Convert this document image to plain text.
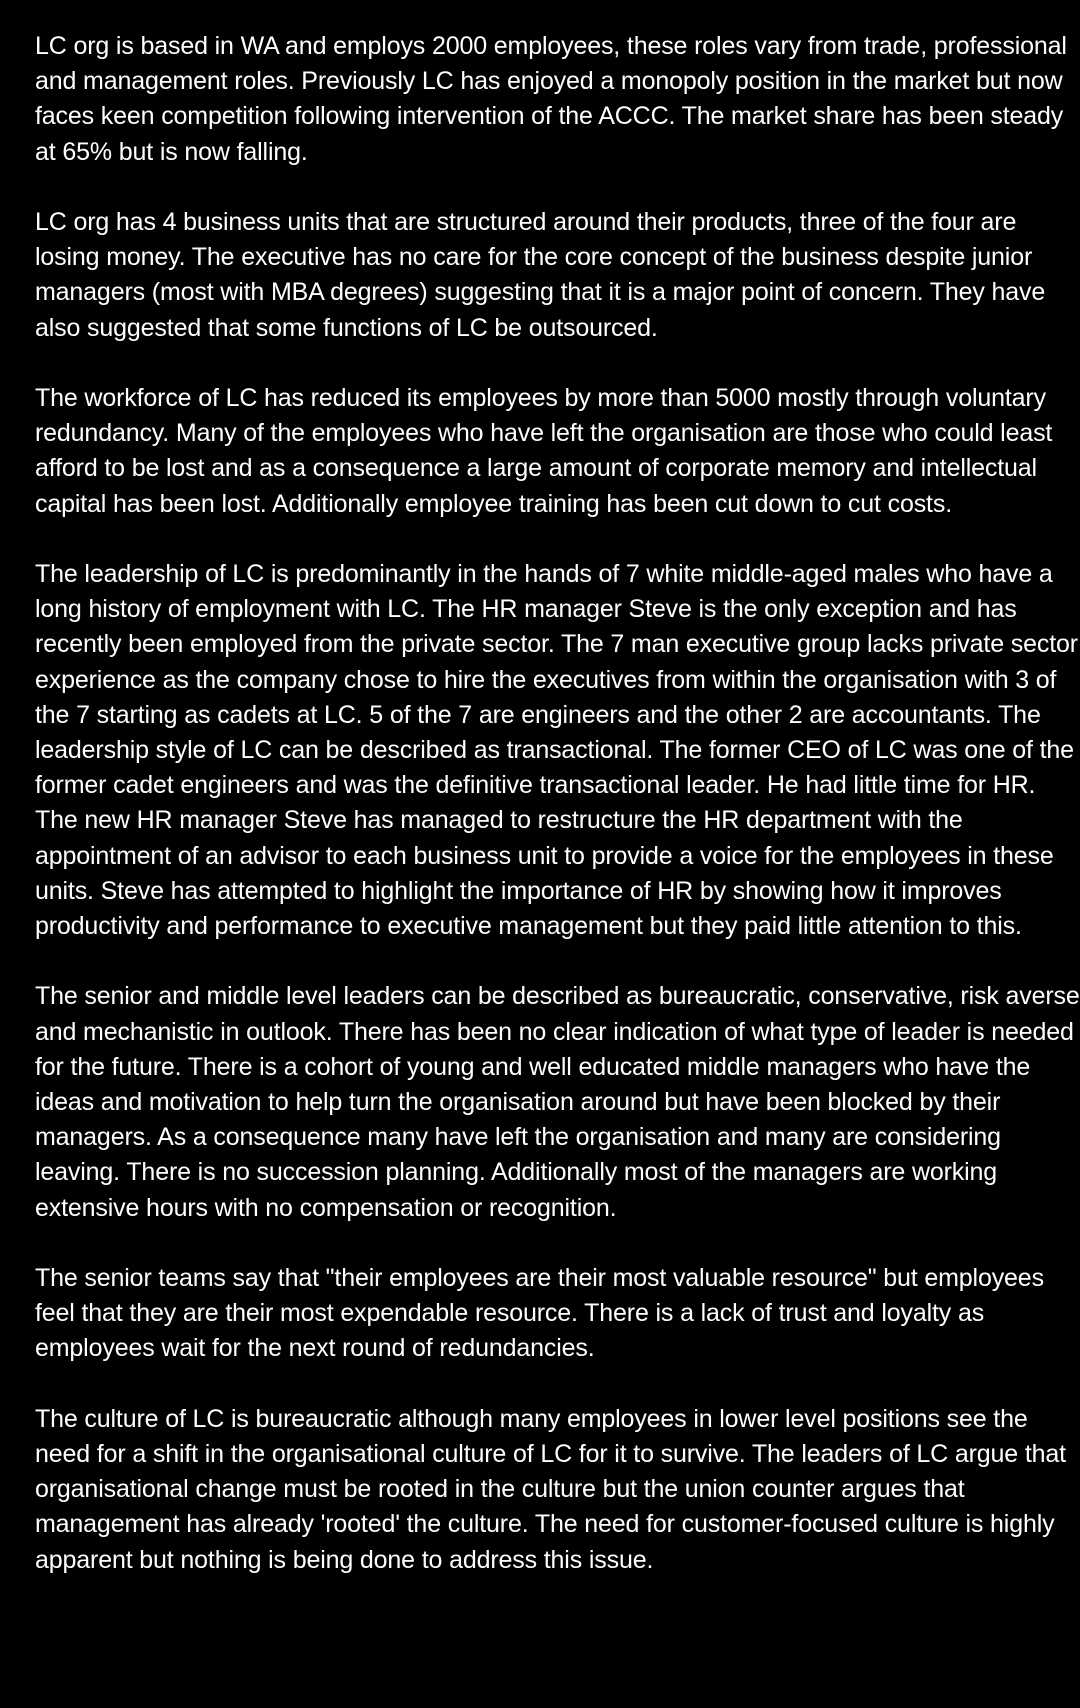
LC org is based in WA and employs 2000 employees, these roles vary from trade, professional and management roles. Previously LC has enjoyed a monopoly position in the market but now faces keen competition following intervention of the ACCC. The market share has been steady at 65% but is now falling.

LC org has 4 business units that are structured around their products, three of the four are losing money. The executive has no care for the core concept of the business despite junior managers (most with MBA degrees) suggesting that it is a major point of concern. They have also suggested that some functions of LC be outsourced.

The workforce of LC has reduced its employees by more than 5000 mostly through voluntary redundancy. Many of the employees who have left the organisation are those who could least afford to be lost and as a consequence a large amount of corporate memory and intellectual capital has been lost. Additionally employee training has been cut down to cut costs.

The leadership of LC is predominantly in the hands of 7 white middle-aged males who have a long history of employment with LC. The HR manager Steve is the only exception and has recently been employed from the private sector. The 7 man executive group lacks private sector experience as the company chose to hire the executives from within the organisation with 3 of the 7 starting as cadets at LC. 5 of the 7 are engineers and the other 2 are accountants. The leadership style of LC can be described as transactional. The former CEO of LC was one of the former cadet engineers and was the definitive transactional leader. He had little time for HR. The new HR manager Steve has managed to restructure the HR department with the appointment of an advisor to each business unit to provide a voice for the employees in these units. Steve has attempted to highlight the importance of HR by showing how it improves productivity and performance to executive management but they paid little attention to this.

The senior and middle level leaders can be described as bureaucratic, conservative, risk averse and mechanistic in outlook. There has been no clear indication of what type of leader is needed for the future. There is a cohort of young and well educated middle managers who have the ideas and motivation to help turn the organisation around but have been blocked by their managers. As a consequence many have left the organisation and many are considering leaving. There is no succession planning. Additionally most of the managers are working extensive hours with no compensation or recognition.

The senior teams say that "their employees are their most valuable resource" but employees feel that they are their most expendable resource. There is a lack of trust and loyalty as employees wait for the next round of redundancies.

The culture of LC is bureaucratic although many employees in lower level positions see the need for a shift in the organisational culture of LC for it to survive. The leaders of LC argue that organisational change must be rooted in the culture but the union counter argues that management has already 'rooted' the culture. The need for customer-focused culture is highly apparent but nothing is being done to address this issue.
